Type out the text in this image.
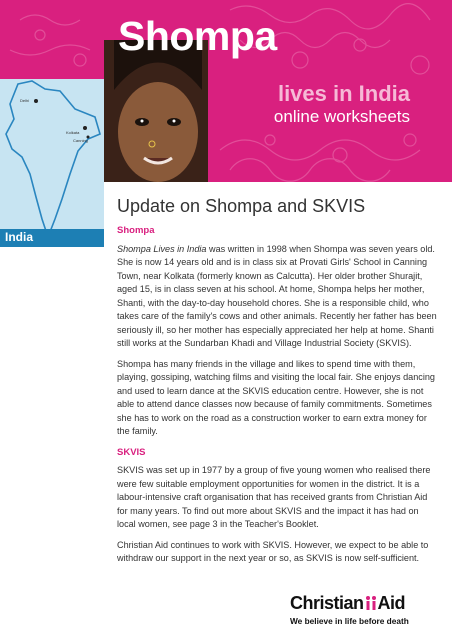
Shompa
lives in India
online worksheets
Delhi
Kolkata
Canning
India
Update on Shompa and SKVIS
Shompa

Shompa Lives in India was written in 1998 when Shompa was seven years old. She is now 14 years old and is in class six at Provati Girls' School in Canning Town, near Kolkata (formerly known as Calcutta). Her older brother Shurajit, aged 15, is in class seven at his school. At home, Shompa helps her mother, Shanti, with the day-to-day household chores. She is a responsible child, who takes care of the family's cows and other animals. Recently her father has been seriously ill, so her mother has especially appreciated her help at home. Shanti still works at the Sundarban Khadi and Village Industrial Society (SKVIS).

Shompa has many friends in the village and likes to spend time with them, playing, gossiping, watching films and visiting the local fair. She enjoys dancing and used to learn dance at the SKVIS education centre. However, she is not able to attend dance classes now because of family commitments. Sometimes she has to work on the road as a construction worker to earn extra money for the family.

SKVIS

SKVIS was set up in 1977 by a group of five young women who realised there were few suitable employment opportunities for women in the district. It is a labour-intensive craft organisation that has received grants from Christian Aid for many years. To find out more about SKVIS and the impact it has had on local women, see page 3 in the Teacher's Booklet.

Christian Aid continues to work with SKVIS. However, we expect to be able to withdraw our support in the next year or so, as SKVIS is now self-sufficient.

Christian Aid
We believe in life before death
